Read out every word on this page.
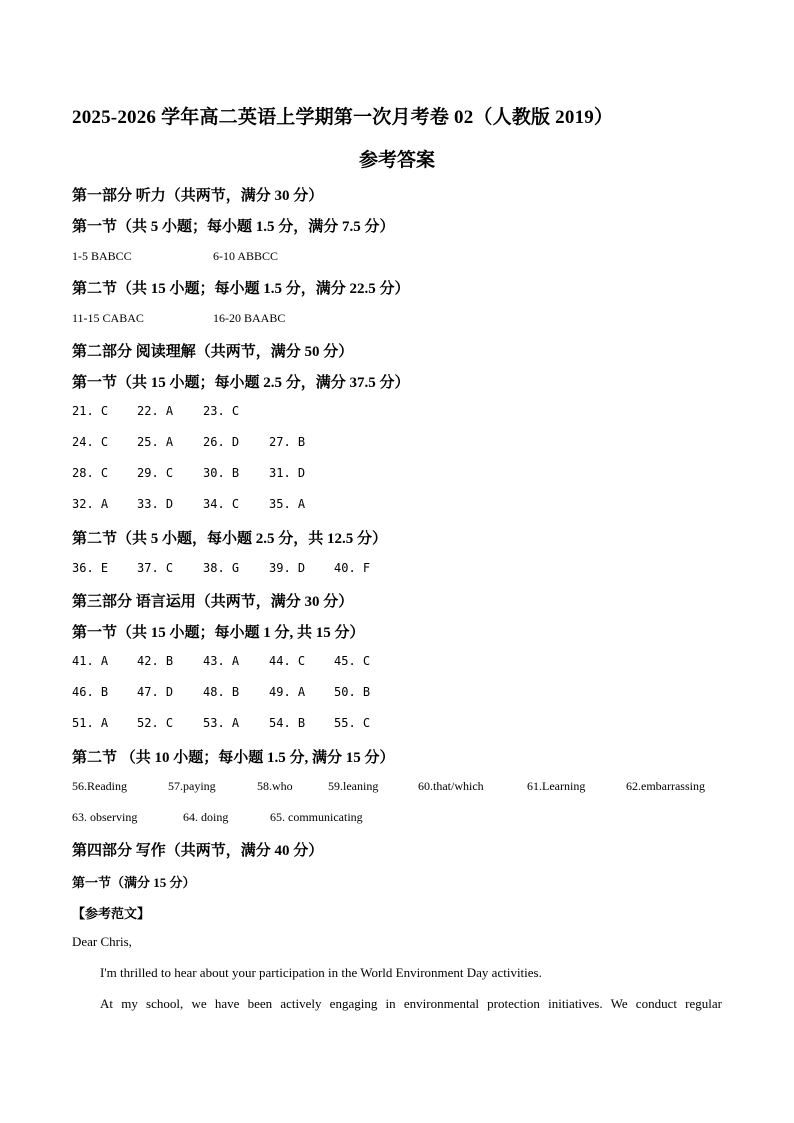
2025-2026 学年高二英语上学期第一次月考卷 02（人教版 2019）
参考答案
第一部分 听力（共两节，满分 30 分）
第一节（共 5 小题；每小题 1.5 分，满分 7.5 分）
1-5 BABCC	6-10 ABBCC
第二节（共 15 小题；每小题 1.5 分，满分 22.5 分）
11-15 CABAC	16-20 BAABC
第二部分 阅读理解（共两节，满分 50 分）
第一节（共 15 小题；每小题 2.5 分，满分 37.5 分）
21. C 22. A 23. C
24. C 25. A 26. D 27. B
28. C 29. C 30. B 31. D
32. A 33. D 34. C 35. A
第二节（共 5 小题，每小题 2.5 分，共 12.5 分）
36. E 37. C 38. G 39. D 40. F
第三部分 语言运用（共两节，满分 30 分）
第一节（共 15 小题；每小题 1 分, 共 15 分）
41. A 42. B 43. A 44. C 45. C
46. B 47. D 48. B 49. A 50. B
51. A 52. C 53. A 54. B 55. C
第二节 （共 10 小题；每小题 1.5 分, 满分 15 分）
56.Reading	57.paying	58.who	59.leaning	60.that/which	61.Learning	62.embarrassing
63. observing	64. doing	65. communicating
第四部分 写作（共两节，满分 40 分）
第一节（满分 15 分）
【参考范文】
Dear Chris,
I'm thrilled to hear about your participation in the World Environment Day activities.
At my school, we have been actively engaging in environmental protection initiatives. We conduct regular
